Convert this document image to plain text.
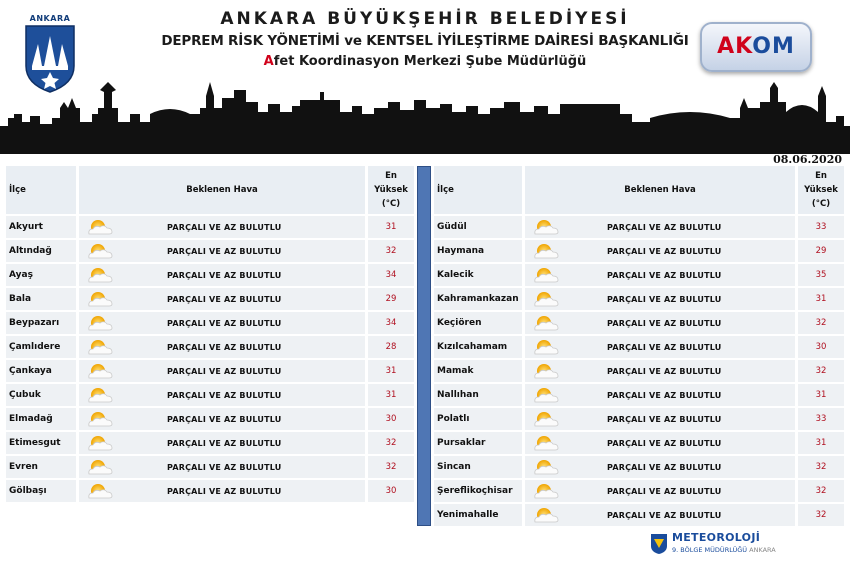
ANKARA	ANKARA BÜYÜKŞEHİR BELEDİYESİ
DEPREM RİSK YÖNETİMİ ve KENTSEL İYİLEŞTİRME DAİRESİ BAŞKANLIĞI
Afet Koordinasyon Merkezi Şube Müdürlüğü
AKOM
08.06.2020
İlçe	Beklenen Hava
En
Yüksek
(°C)
Akyurt	PARÇALI VE AZ BULUTLU	31
Altındağ	PARÇALI VE AZ BULUTLU	32
Ayaş	PARÇALI VE AZ BULUTLU	34
Bala	PARÇALI VE AZ BULUTLU	29
Beypazarı	PARÇALI VE AZ BULUTLU	34
Çamlıdere	PARÇALI VE AZ BULUTLU	28
Çankaya	PARÇALI VE AZ BULUTLU	31
Çubuk	PARÇALI VE AZ BULUTLU	31
Elmadağ	PARÇALI VE AZ BULUTLU	30
Etimesgut	PARÇALI VE AZ BULUTLU	32
Evren	PARÇALI VE AZ BULUTLU	32
Gölbaşı	PARÇALI VE AZ BULUTLU	30
İlçe	Beklenen Hava
En
Yüksek
(°C)
Güdül	PARÇALI VE AZ BULUTLU	33
Haymana	PARÇALI VE AZ BULUTLU	29
Kalecik	PARÇALI VE AZ BULUTLU	35
Kahramankazan	PARÇALI VE AZ BULUTLU	31
Keçiören	PARÇALI VE AZ BULUTLU	32
Kızılcahamam	PARÇALI VE AZ BULUTLU	30
Mamak	PARÇALI VE AZ BULUTLU	32
Nallıhan	PARÇALI VE AZ BULUTLU	31
Polatlı	PARÇALI VE AZ BULUTLU	33
Pursaklar	PARÇALI VE AZ BULUTLU	31
Sincan	PARÇALI VE AZ BULUTLU	32
Şereflikoçhisar	PARÇALI VE AZ BULUTLU	32
Yenimahalle	PARÇALI VE AZ BULUTLU	32
METEOROLOJİ
9. BÖLGE MÜDÜRLÜĞÜ ANKARA
